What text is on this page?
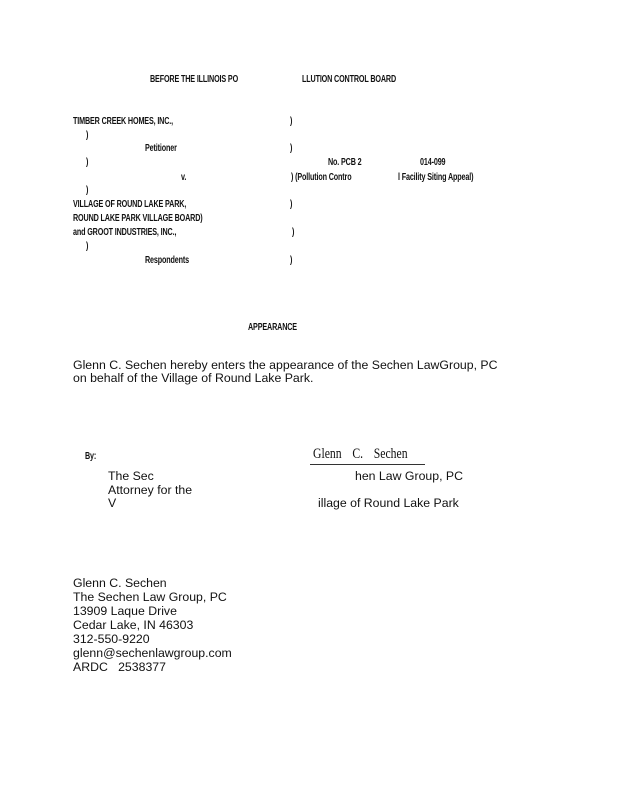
BEFORE THE ILLINOIS PO	LLUTION CONTROL BOARD
TIMBER CREEK HOMES, INC.,	)
)
Petitioner	)
)	No. PCB 2	014-099
v.	) (Pollution Contro	l Facility Siting Appeal)
)
VILLAGE OF ROUND LAKE PARK,	)
ROUND LAKE PARK VILLAGE BOARD)
and GROOT INDUSTRIES, INC.,	)
)
Respondents	)
APPEARANCE
Glenn C. Sechen hereby enters the appearance of the Sechen LawGroup, PC
on behalf of the Village of Round Lake Park.
By:	Glenn C. Sechen
The Sec	hen Law Group, PC
Attorney for the
V	illage of Round Lake Park
Glenn C. Sechen
The Sechen Law Group, PC
13909 Laque Drive
Cedar Lake, IN 46303
312-550-9220
glenn@sechenlawgroup.com
ARDC   2538377
